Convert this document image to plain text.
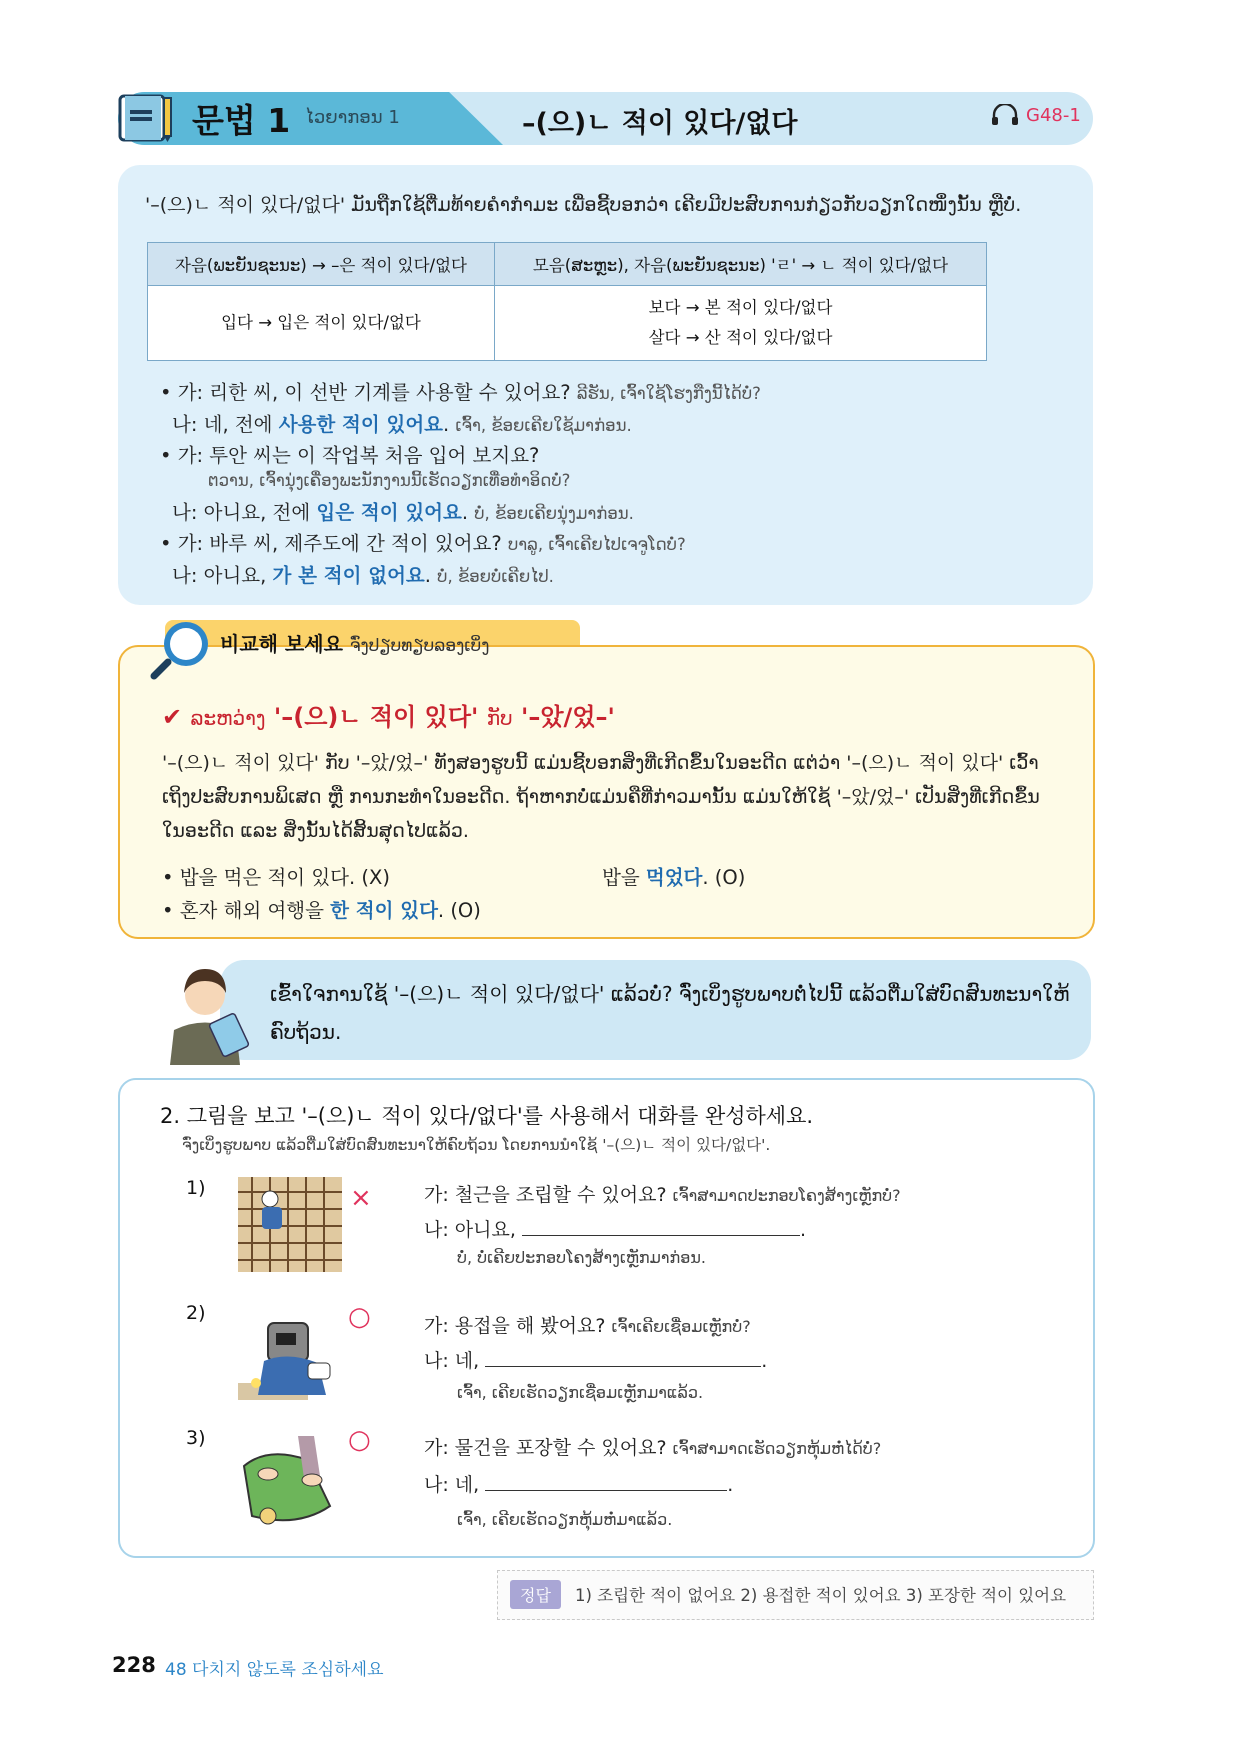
문법 1 ໄວຍາກອນ 1	–(으)ㄴ 적이 있다/없다	G48-1
'–(으)ㄴ 적이 있다/없다' ມັນຖືກໃຊ້ຕື່ມທ້າຍຄຳກຳມະ ເພື່ອຊີ້ບອກວ່າ ເຄີຍມີປະສົບການກ່ຽວກັບວຽກໃດໜຶ່ງນັ້ນ ຫຼືບໍ່.
자음(ພະຍັນຊະນະ) → –은 적이 있다/없다	모음(ສະຫຼະ), 자음(ພະຍັນຊະນະ) 'ㄹ' → ㄴ 적이 있다/없다
입다 → 입은 적이 있다/없다	보다 → 본 적이 있다/없다
살다 → 산 적이 있다/없다
• 가: 리한 씨, 이 선반 기계를 사용할 수 있어요? ລີຮັນ, ເຈົ້າໃຊ້ໂຮງກືງນີ້ໄດ້ບໍ່?
나: 네, 전에 사용한 적이 있어요. ເຈົ້າ, ຂ້ອຍເຄີຍໃຊ້ມາກ່ອນ.
• 가: 투안 씨는 이 작업복 처음 입어 보지요?
ຕວານ, ເຈົ້ານຸ່ງເຄື່ອງພະນັກງານນີ້ເຮັດວຽກເທື່ອທຳອິດບໍ່?
나: 아니요, 전에 입은 적이 있어요. ບໍ່, ຂ້ອຍເຄີຍນຸ່ງມາກ່ອນ.
• 가: 바루 씨, 제주도에 간 적이 있어요? ບາລູ, ເຈົ້າເຄີຍໄປເຈຈູໂດບໍ່?
나: 아니요, 가 본 적이 없어요. ບໍ່, ຂ້ອຍບໍ່ເຄີຍໄປ.
비교해 보세요 ຈົ່ງປຽບທຽບລອງເບິ່ງ
✔ ລະຫວ່າງ '–(으)ㄴ 적이 있다' ກັບ '–았/었–'
'–(으)ㄴ 적이 있다' ກັບ '–았/었–' ທັງສອງຮູບນີ້ ແມ່ນຊີ້ບອກສິ່ງທີ່ເກີດຂຶ້ນໃນອະດີດ ແຕ່ວ່າ '–(으)ㄴ 적이 있다' ເວົ້າເຖິງປະສົບການພິເສດ ຫຼື ການກະທຳໃນອະດີດ. ຖ້າຫາກບໍ່ແມ່ນຄືທີ່ກ່າວມານັ້ນ ແມ່ນໃຫ້ໃຊ້ '–았/었–' ເປັນສິ່ງທີ່ເກີດຂຶ້ນໃນອະດີດ ແລະ ສິ່ງນັ້ນໄດ້ສິ້ນສຸດໄປແລ້ວ.
• 밥을 먹은 적이 있다. (X)	밥을 먹었다. (O)
• 혼자 해외 여행을 한 적이 있다. (O)
ເຂົ້າໃຈການໃຊ້ '–(으)ㄴ 적이 있다/없다' ແລ້ວບໍ່? ຈົ່ງເບິ່ງຮູບພາບຕໍ່ໄປນີ້ ແລ້ວຕື່ມໃສ່ບົດສົນທະນາໃຫ້ຄົບຖ້ວນ.
2. 그림을 보고 '–(으)ㄴ 적이 있다/없다'를 사용해서 대화를 완성하세요.
ຈົ່ງເບິ່ງຮູບພາບ ແລ້ວຕື່ມໃສ່ບົດສົນທະນາໃຫ້ຄົບຖ້ວນ ໂດຍການນຳໃຊ້ '–(으)ㄴ 적이 있다/없다'.
1)	×	가: 철근을 조립할 수 있어요? ເຈົ້າສາມາດປະກອບໂຄງສ້າງເຫຼັກບໍ່?
나: 아니요,	.
ບໍ່, ບໍ່ເຄີຍປະກອບໂຄງສ້າງເຫຼັກມາກ່ອນ.
2)	○	가: 용접을 해 봤어요? ເຈົ້າເຄີຍເຊື່ອມເຫຼັກບໍ່?
나: 네,	.
ເຈົ້າ, ເຄີຍເຮັດວຽກເຊື່ອມເຫຼັກມາແລ້ວ.
3)	○	가: 물건을 포장할 수 있어요? ເຈົ້າສາມາດເຮັດວຽກຫຸ້ມຫໍ່ໄດ້ບໍ່?
나: 네,	.
ເຈົ້າ, ເຄີຍເຮັດວຽກຫຸ້ມຫໍ່ມາແລ້ວ.
정답	1) 조립한 적이 없어요 2) 용접한 적이 있어요 3) 포장한 적이 있어요
228 48 다치지 않도록 조심하세요
